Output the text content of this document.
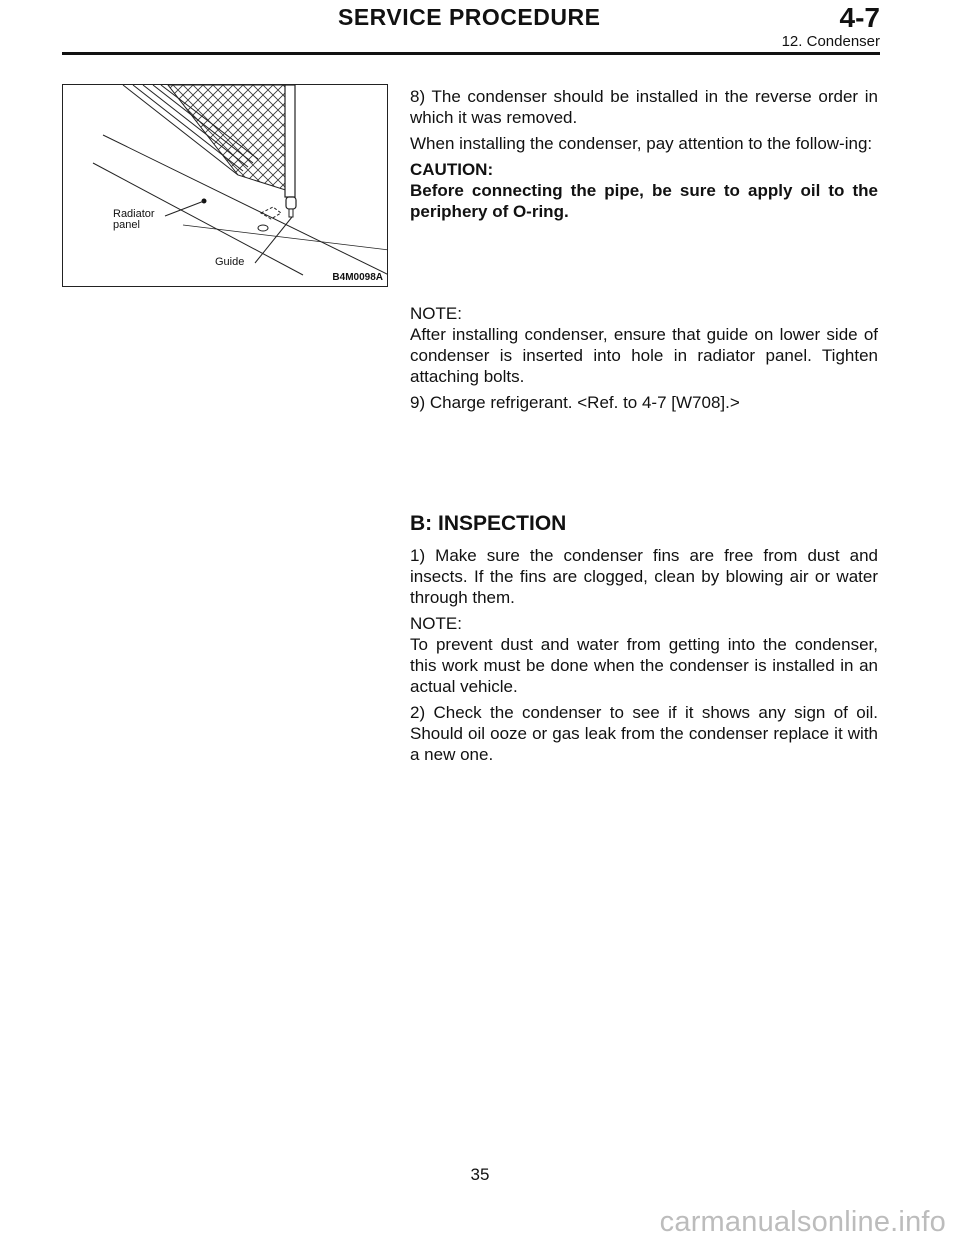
SERVICE PROCEDURE	4-7
12. Condenser
Radiator
panel
Guide
B4M0098A

8) The condenser should be installed in the reverse order in which it was removed.

When installing the condenser, pay attention to the follow-ing:

CAUTION:

Before connecting the pipe, be sure to apply oil to the periphery of O-ring.

NOTE:

After installing condenser, ensure that guide on lower side of condenser is inserted into hole in radiator panel. Tighten attaching bolts.

9) Charge refrigerant. <Ref. to 4-7 [W708].>

B: INSPECTION

1) Make sure the condenser fins are free from dust and insects. If the fins are clogged, clean by blowing air or water through them.

NOTE:

To prevent dust and water from getting into the condenser, this work must be done when the condenser is installed in an actual vehicle.

2) Check the condenser to see if it shows any sign of oil. Should oil ooze or gas leak from the condenser replace it with a new one.

35
carmanualsonline.info
